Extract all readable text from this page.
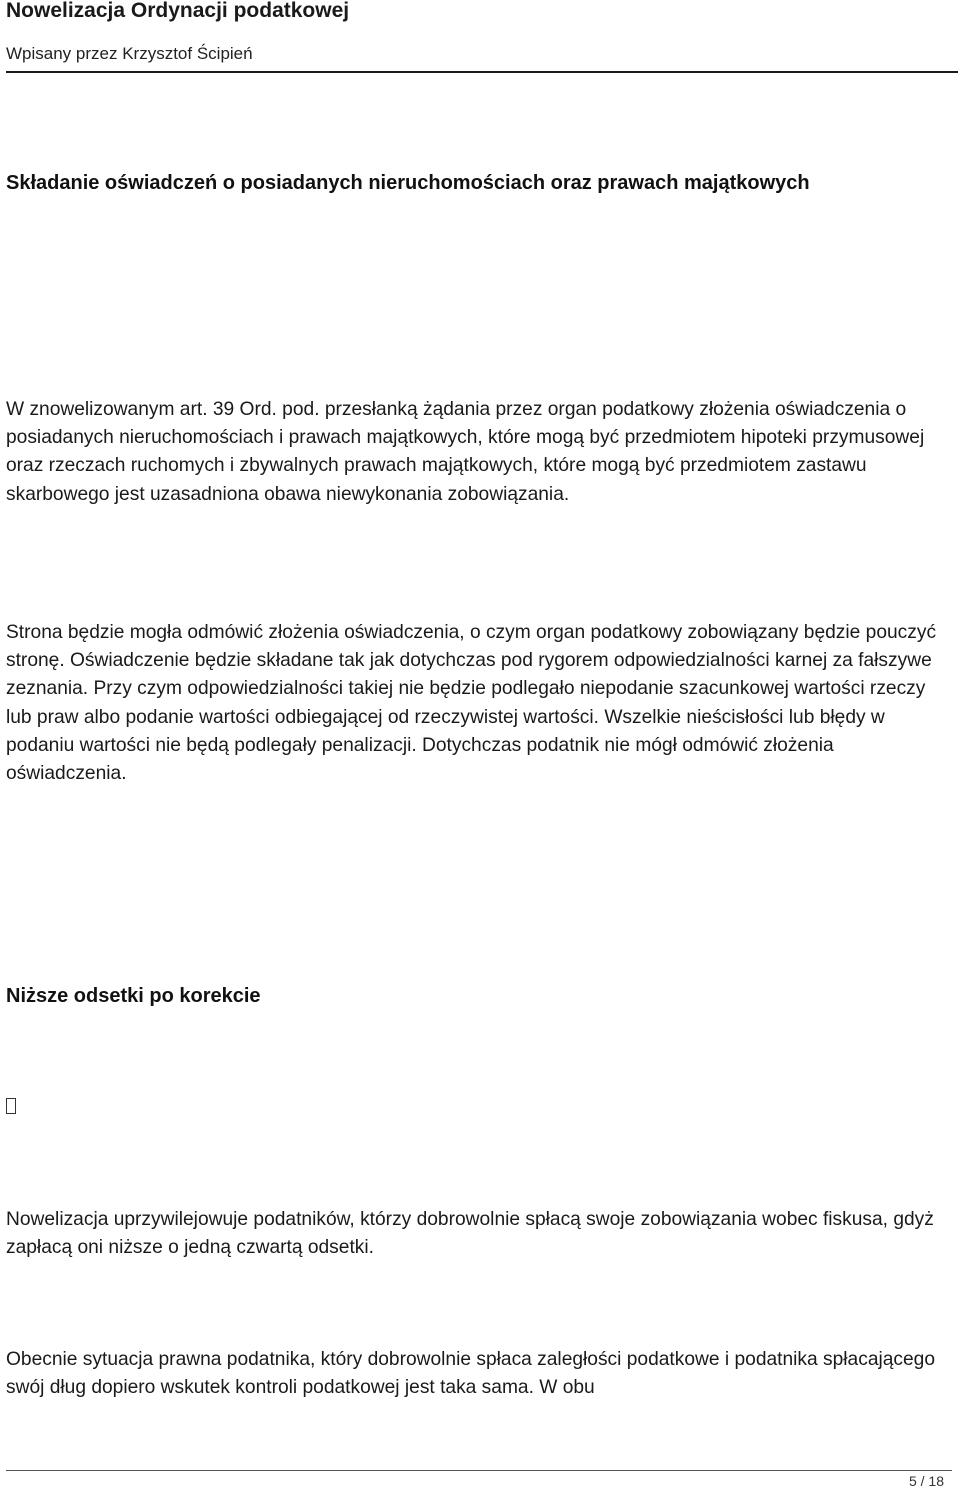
Nowelizacja Ordynacji podatkowej
Wpisany przez Krzysztof Ścipień
Składanie oświadczeń o posiadanych nieruchomościach oraz prawach majątkowych

W znowelizowanym art. 39 Ord. pod. przesłanką żądania przez organ podatkowy złożenia oświadczenia o posiadanych nieruchomościach i prawach majątkowych, które mogą być przedmiotem hipoteki przymusowej oraz rzeczach ruchomych i zbywalnych prawach majątkowych, które mogą być przedmiotem zastawu skarbowego jest uzasadniona obawa niewykonania zobowiązania.

Strona będzie mogła odmówić złożenia oświadczenia, o czym organ podatkowy zobowiązany będzie pouczyć stronę. Oświadczenie będzie składane tak jak dotychczas pod rygorem odpowiedzialności karnej za fałszywe zeznania. Przy czym odpowiedzialności takiej nie będzie podlegało niepodanie szacunkowej wartości rzeczy lub praw albo podanie wartości odbiegającej od rzeczywistej wartości. Wszelkie nieścisłości lub błędy w podaniu wartości nie będą podlegały penalizacji. Dotychczas podatnik nie mógł odmówić złożenia oświadczenia.

Niższe odsetki po korekcie

Nowelizacja uprzywilejowuje podatników, którzy dobrowolnie spłacą swoje zobowiązania wobec fiskusa, gdyż zapłacą oni niższe o jedną czwartą odsetki.

Obecnie sytuacja prawna podatnika, który dobrowolnie spłaca zaległości podatkowe i podatnika spłacającego swój dług dopiero wskutek kontroli podatkowej jest taka sama. W obu

5 / 18
